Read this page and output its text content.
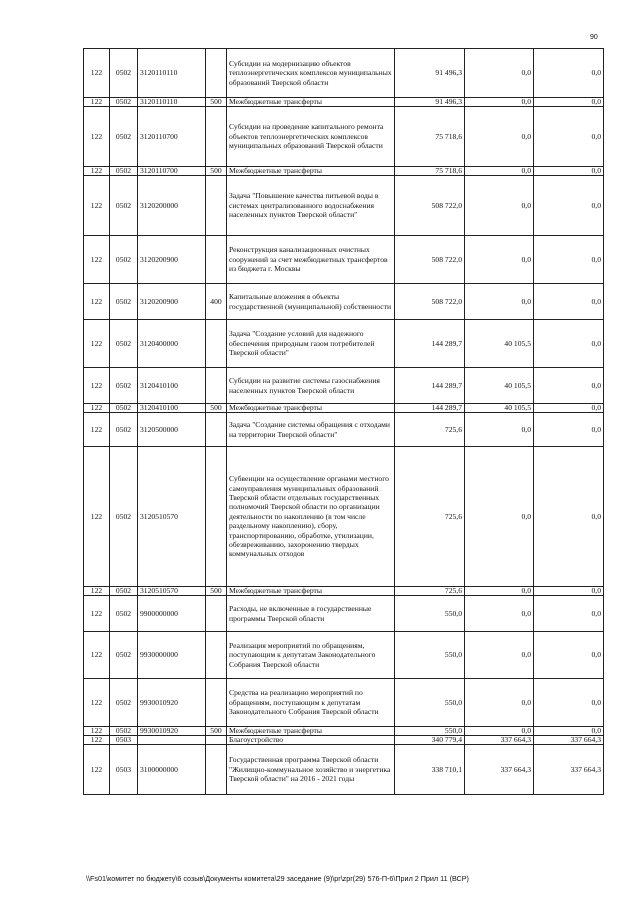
90
122	0502	3120110110		Субсидии на модернизацию объектов теплоэнергетических комплексов муниципальных образований Тверской области	91 496,3	0,0	0,0
122	0502	3120110110	500	Межбюджетные трансферты	91 496,3	0,0	0,0
122	0502	3120110700		Субсидии на проведение капитального ремонта объектов теплоэнергетических комплексов муниципальных образований Тверской области	75 718,6	0,0	0,0
122	0502	3120110700	500	Межбюджетные трансферты	75 718,6	0,0	0,0
122	0502	3120200000		Задача "Повышение качества питьевой воды в системах централизованного водоснабжения населенных пунктов Тверской области"	508 722,0	0,0	0,0
122	0502	3120200900		Реконструкция канализационных очистных сооружений за счет межбюджетных трансфертов из бюджета г. Москвы	508 722,0	0,0	0,0
122	0502	3120200900	400	Капитальные вложения в объекты государственной (муниципальной) собственности	508 722,0	0,0	0,0
122	0502	3120400000		Задача "Создание условий для надежного обеспечения природным газом потребителей Тверской области"	144 289,7	40 105,5	0,0
122	0502	3120410100		Субсидии на развитие системы газоснабжения населенных пунктов Тверской области	144 289,7	40 105,5	0,0
122	0502	3120410100	500	Межбюджетные трансферты	144 289,7	40 105,5	0,0
122	0502	3120500000		Задача "Создание системы обращения с отходами на территории Тверской области"	725,6	0,0	0,0
122	0502	3120510570		Субвенции на осуществление органами местного самоуправления муниципальных образований Тверской области отдельных государственных полномочий Тверской области по организации деятельности по накоплению (в том числе раздельному накоплению), сбору, транспортированию, обработке, утилизации, обезвреживанию, захоронению твердых коммунальных отходов	725,6	0,0	0,0
122	0502	3120510570	500	Межбюджетные трансферты	725,6	0,0	0,0
122	0502	9900000000		Расходы, не включенные в государственные программы Тверской области	550,0	0,0	0,0
122	0502	9930000000		Реализация мероприятий по обращениям, поступающим к депутатам Законодательного Собрания Тверской области	550,0	0,0	0,0
122	0502	9930010920		Средства на реализацию мероприятий по обращениям, поступающим к депутатам Законодательного Собрания Тверской области	550,0	0,0	0,0
122	0502	9930010920	500	Межбюджетные трансферты	550,0	0,0	0,0
122	0503			Благоустройство	340 779,4	337 664,3	337 664,3
122	0503	3100000000		Государственная программа Тверской области "Жилищно-коммунальное хозяйство и энергетика Тверской области" на 2016 - 2021 годы	338 710,1	337 664,3	337 664,3
\\Fs01\комитет по бюджету\6 созыв\Документы комитета\29 заседание (9)\pr\zpr(29) 576-П-6\Прил 2 Прил 11 (ВСР)
